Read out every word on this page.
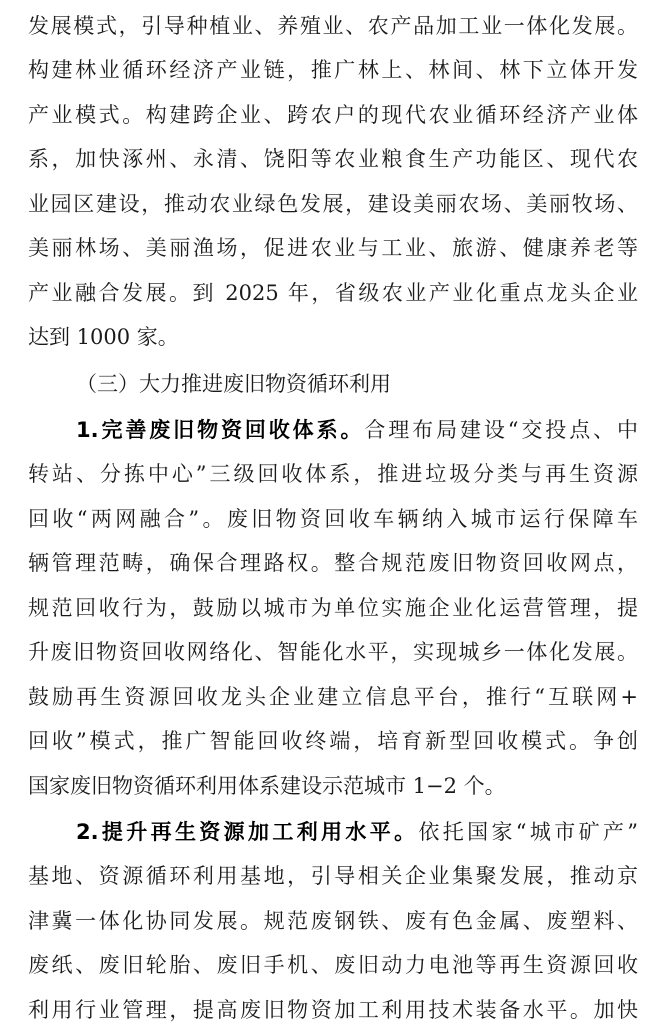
发展模式，引导种植业、养殖业、农产品加工业一体化发展。
构建林业循环经济产业链，推广林上、林间、林下立体开发
产业模式。构建跨企业、跨农户的现代农业循环经济产业体
系，加快涿州、永清、饶阳等农业粮食生产功能区、现代农
业园区建设，推动农业绿色发展，建设美丽农场、美丽牧场、
美丽林场、美丽渔场，促进农业与工业、旅游、健康养老等
产业融合发展。到 2025 年，省级农业产业化重点龙头企业
达到 1000 家。
（三）大力推进废旧物资循环利用
1.完善废旧物资回收体系。合理布局建设“交投点、中
转站、分拣中心”三级回收体系，推进垃圾分类与再生资源
回收“两网融合”。废旧物资回收车辆纳入城市运行保障车
辆管理范畴，确保合理路权。整合规范废旧物资回收网点，
规范回收行为，鼓励以城市为单位实施企业化运营管理，提
升废旧物资回收网络化、智能化水平，实现城乡一体化发展。
鼓励再生资源回收龙头企业建立信息平台，推行“互联网+
回收”模式，推广智能回收终端，培育新型回收模式。争创
国家废旧物资循环利用体系建设示范城市 1−2 个。
2.提升再生资源加工利用水平。依托国家“城市矿产”
基地、资源循环利用基地，引导相关企业集聚发展，推动京
津冀一体化协同发展。规范废钢铁、废有色金属、废塑料、
废纸、废旧轮胎、废旧手机、废旧动力电池等再生资源回收
利用行业管理，提高废旧物资加工利用技术装备水平。加快
